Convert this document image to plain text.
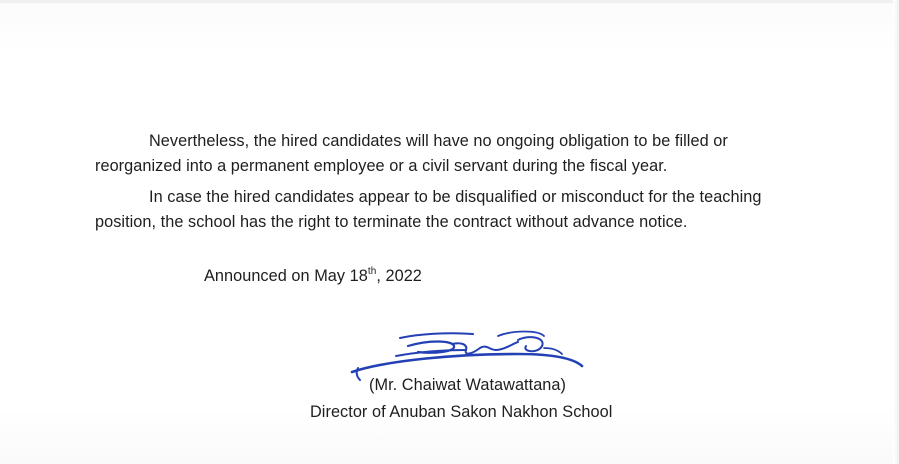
Nevertheless, the hired candidates will have no ongoing obligation to be filled or
reorganized into a permanent employee or a civil servant during the fiscal year.
In case the hired candidates appear to be disqualified or misconduct for the teaching
position, the school has the right to terminate the contract without advance notice.
Announced on May 18th, 2022
(Mr. Chaiwat Watawattana)
Director of Anuban Sakon Nakhon School
